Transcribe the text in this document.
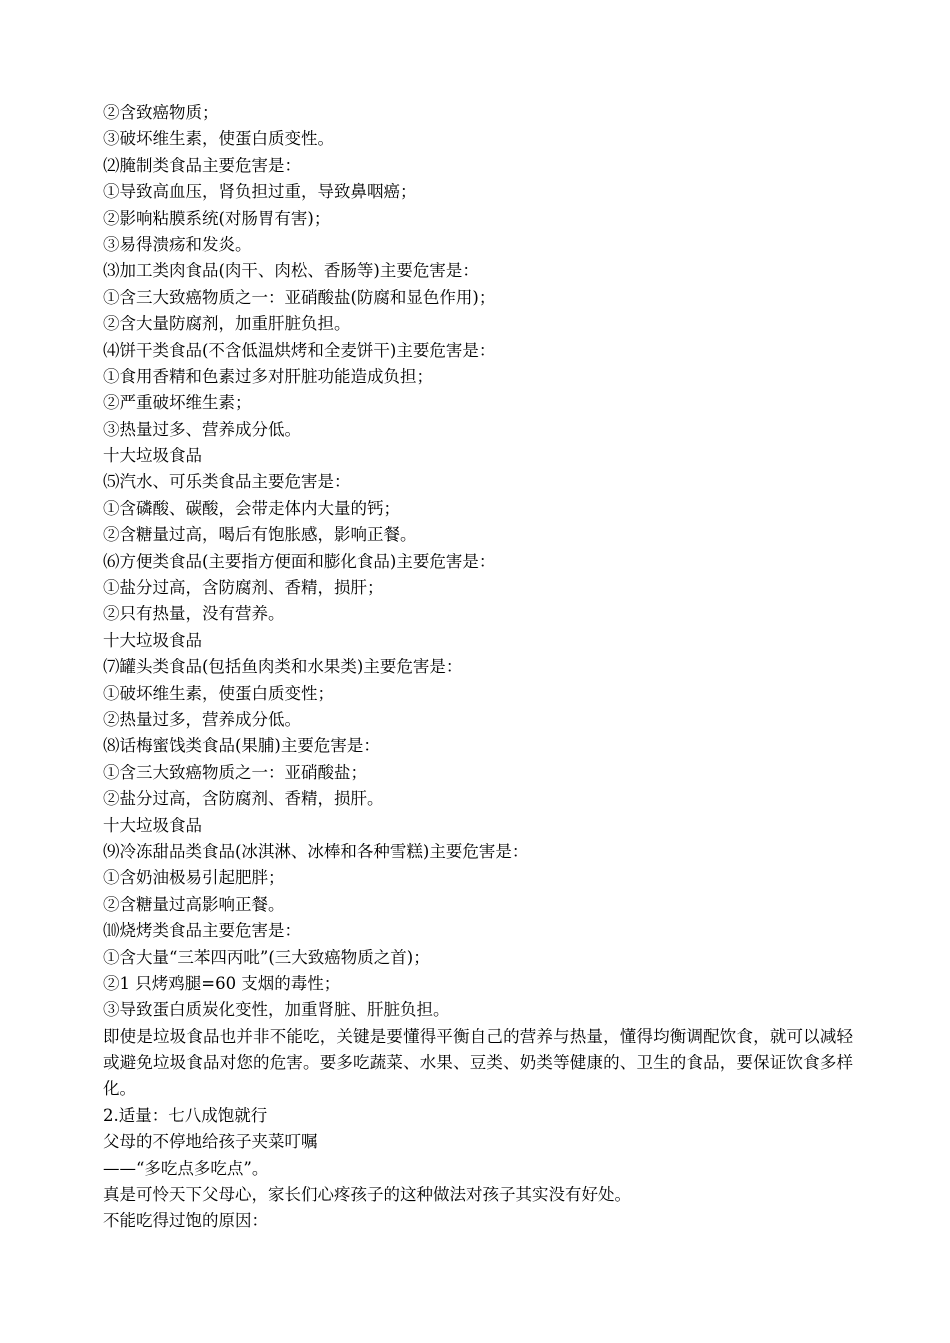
②含致癌物质；
③破坏维生素，使蛋白质变性。
⑵腌制类食品主要危害是：
①导致高血压，肾负担过重，导致鼻咽癌；
②影响粘膜系统(对肠胃有害)；
③易得溃疡和发炎。
⑶加工类肉食品(肉干、肉松、香肠等)主要危害是：
①含三大致癌物质之一：亚硝酸盐(防腐和显色作用)；
②含大量防腐剂，加重肝脏负担。
⑷饼干类食品(不含低温烘烤和全麦饼干)主要危害是：
①食用香精和色素过多对肝脏功能造成负担；
②严重破坏维生素；
③热量过多、营养成分低。
十大垃圾食品
⑸汽水、可乐类食品主要危害是：
①含磷酸、碳酸，会带走体内大量的钙；
②含糖量过高，喝后有饱胀感，影响正餐。
⑹方便类食品(主要指方便面和膨化食品)主要危害是：
①盐分过高，含防腐剂、香精，损肝；
②只有热量，没有营养。
十大垃圾食品
⑺罐头类食品(包括鱼肉类和水果类)主要危害是：
①破坏维生素，使蛋白质变性；
②热量过多，营养成分低。
⑻话梅蜜饯类食品(果脯)主要危害是：
①含三大致癌物质之一：亚硝酸盐；
②盐分过高，含防腐剂、香精，损肝。
十大垃圾食品
⑼冷冻甜品类食品(冰淇淋、冰棒和各种雪糕)主要危害是：
①含奶油极易引起肥胖；
②含糖量过高影响正餐。
⑽烧烤类食品主要危害是：
①含大量“三苯四丙吡”(三大致癌物质之首)；
②1 只烤鸡腿=60 支烟的毒性；
③导致蛋白质炭化变性，加重肾脏、肝脏负担。
即使是垃圾食品也并非不能吃，关键是要懂得平衡自己的营养与热量，懂得均衡调配饮食，就可以减轻或避免垃圾食品对您的危害。要多吃蔬菜、水果、豆类、奶类等健康的、卫生的食品，要保证饮食多样化。
2.适量：七八成饱就行
父母的不停地给孩子夹菜叮嘱
——“多吃点多吃点”。
真是可怜天下父母心，家长们心疼孩子的这种做法对孩子其实没有好处。
不能吃得过饱的原因：
